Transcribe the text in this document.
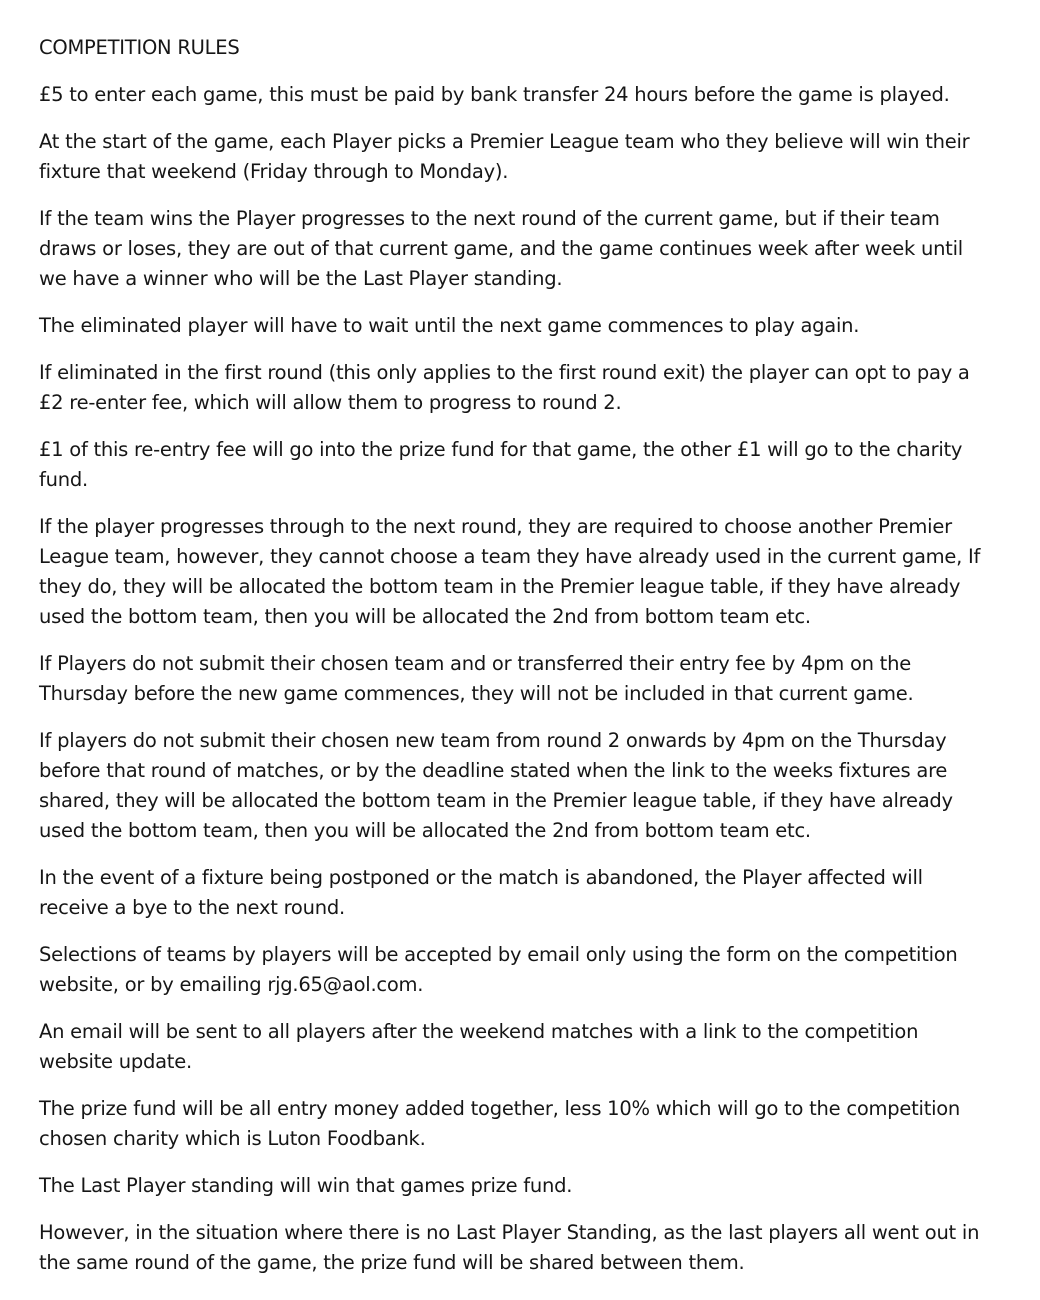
COMPETITION RULES

£5 to enter each game, this must be paid by bank transfer 24 hours before the game is played.

At the start of the game, each Player picks a Premier League team who they believe will win their fixture that weekend (Friday through to Monday).

If the team wins the Player progresses to the next round of the current game, but if their team draws or loses, they are out of that current game, and the game continues week after week until we have a winner who will be the Last Player standing.

The eliminated player will have to wait until the next game commences to play again.

If eliminated in the first round (this only applies to the first round exit) the player can opt to pay a £2 re-enter fee, which will allow them to progress to round 2.

£1 of this re-entry fee will go into the prize fund for that game, the other £1 will go to the charity fund.

If the player progresses through to the next round, they are required to choose another Premier League team, however, they cannot choose a team they have already used in the current game, If they do, they will be allocated the bottom team in the Premier league table, if they have already used the bottom team, then you will be allocated the 2nd from bottom team etc.

If Players do not submit their chosen team and or transferred their entry fee by 4pm on the Thursday before the new game commences, they will not be included in that current game.

If players do not submit their chosen new team from round 2 onwards by 4pm on the Thursday before that round of matches, or by the deadline stated when the link to the weeks fixtures are shared, they will be allocated the bottom team in the Premier league table, if they have already used the bottom team, then you will be allocated the 2nd from bottom team etc.

In the event of a fixture being postponed or the match is abandoned, the Player affected will receive a bye to the next round.

Selections of teams by players will be accepted by email only using the form on the competition website, or by emailing rjg.65@aol.com.

An email will be sent to all players after the weekend matches with a link to the competition website update.

The prize fund will be all entry money added together, less 10% which will go to the competition chosen charity which is Luton Foodbank.

The Last Player standing will win that games prize fund.

However, in the situation where there is no Last Player Standing, as the last players all went out in the same round of the game, the prize fund will be shared between them.
